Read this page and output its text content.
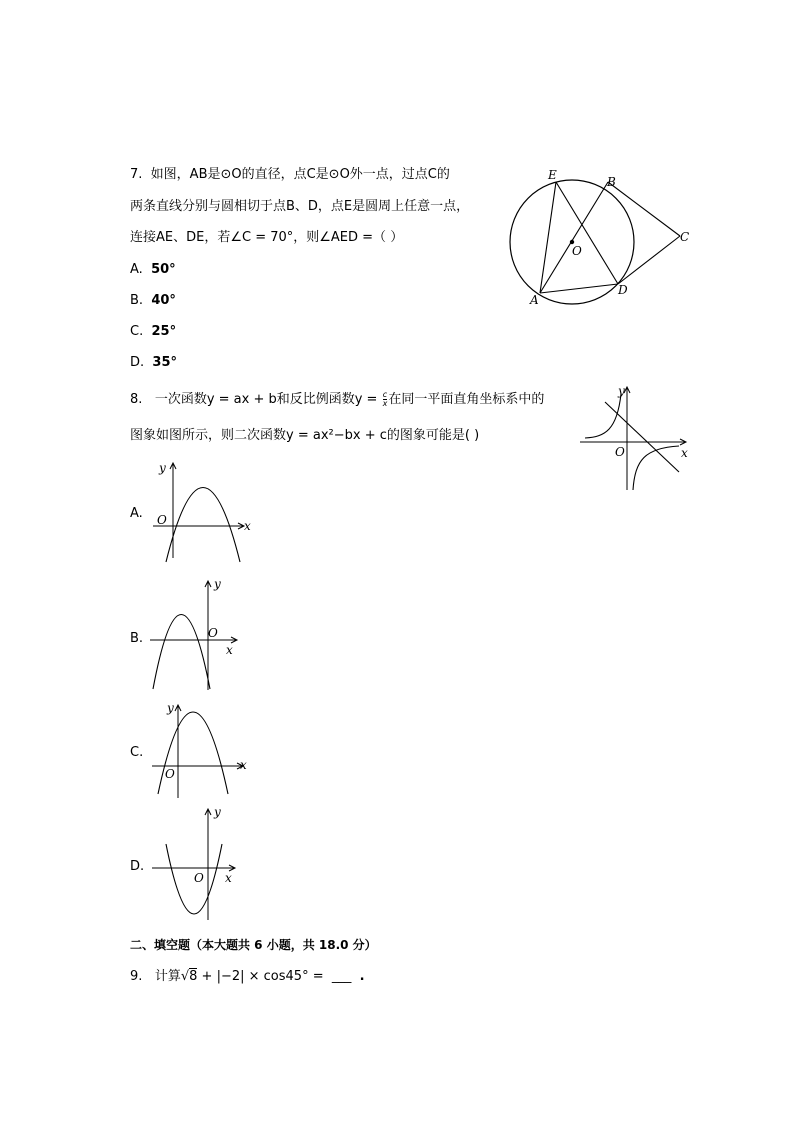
7. 如图，AB是⊙O的直径，点C是⊙O外一点，过点C的
两条直线分别与圆相切于点B、D，点E是圆周上任意一点，
连接AE、DE，若∠C = 70°，则∠AED =（ ）
A. 50°
B. 40°
C. 25°
D. 35°
E	B
C
O
A
D
8. 一次函数y = ax + b和反比例函数$y = \frac{c}{x}$ 在同一平面直角坐标系中的
图象如图所示，则二次函数y = ax²−bx + c的图象可能是( )
x
y
O
A.
x
y
O
B.
x
y
O
C.
x
y
O
D.
x
y
O
二、填空题（本大题共 6 小题，共 18.0 分）
9. 计算√8 + |−2| × cos45° = ___ .
